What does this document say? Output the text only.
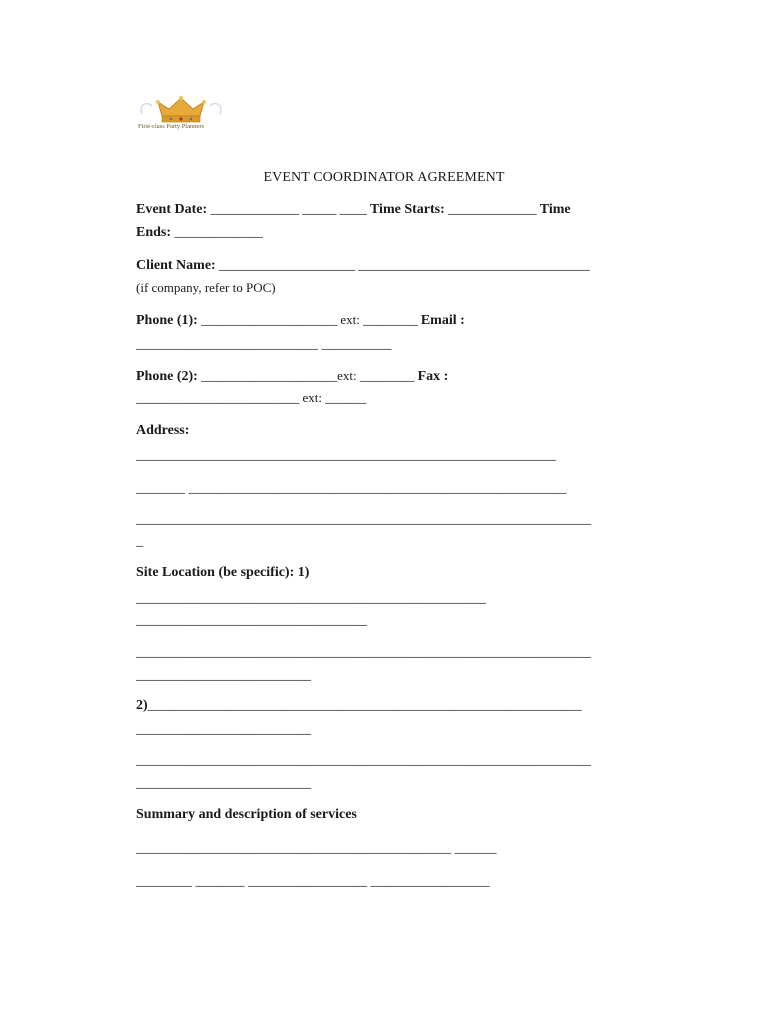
First-class Party Planners
EVENT COORDINATOR AGREEMENT
Event Date: _____________ _____ ____ Time Starts: _____________ Time
Ends: _____________
Client Name: ____________________ __________________________________
(if company, refer to POC)
Phone (1): ____________________ ext: ________ Email :
__________________________ __________
Phone (2): ____________________ext: ________ Fax :
________________________ ext: ______
Address:
____________________________________________________________
_______ ______________________________________________________
_________________________________________________________________
_
Site Location (be specific): 1)
__________________________________________________
_________________________________
_________________________________________________________________
_________________________
2)______________________________________________________________
_________________________
_________________________________________________________________
_________________________
Summary and description of services
_____________________________________________ ______
________ _______ _________________ _________________
